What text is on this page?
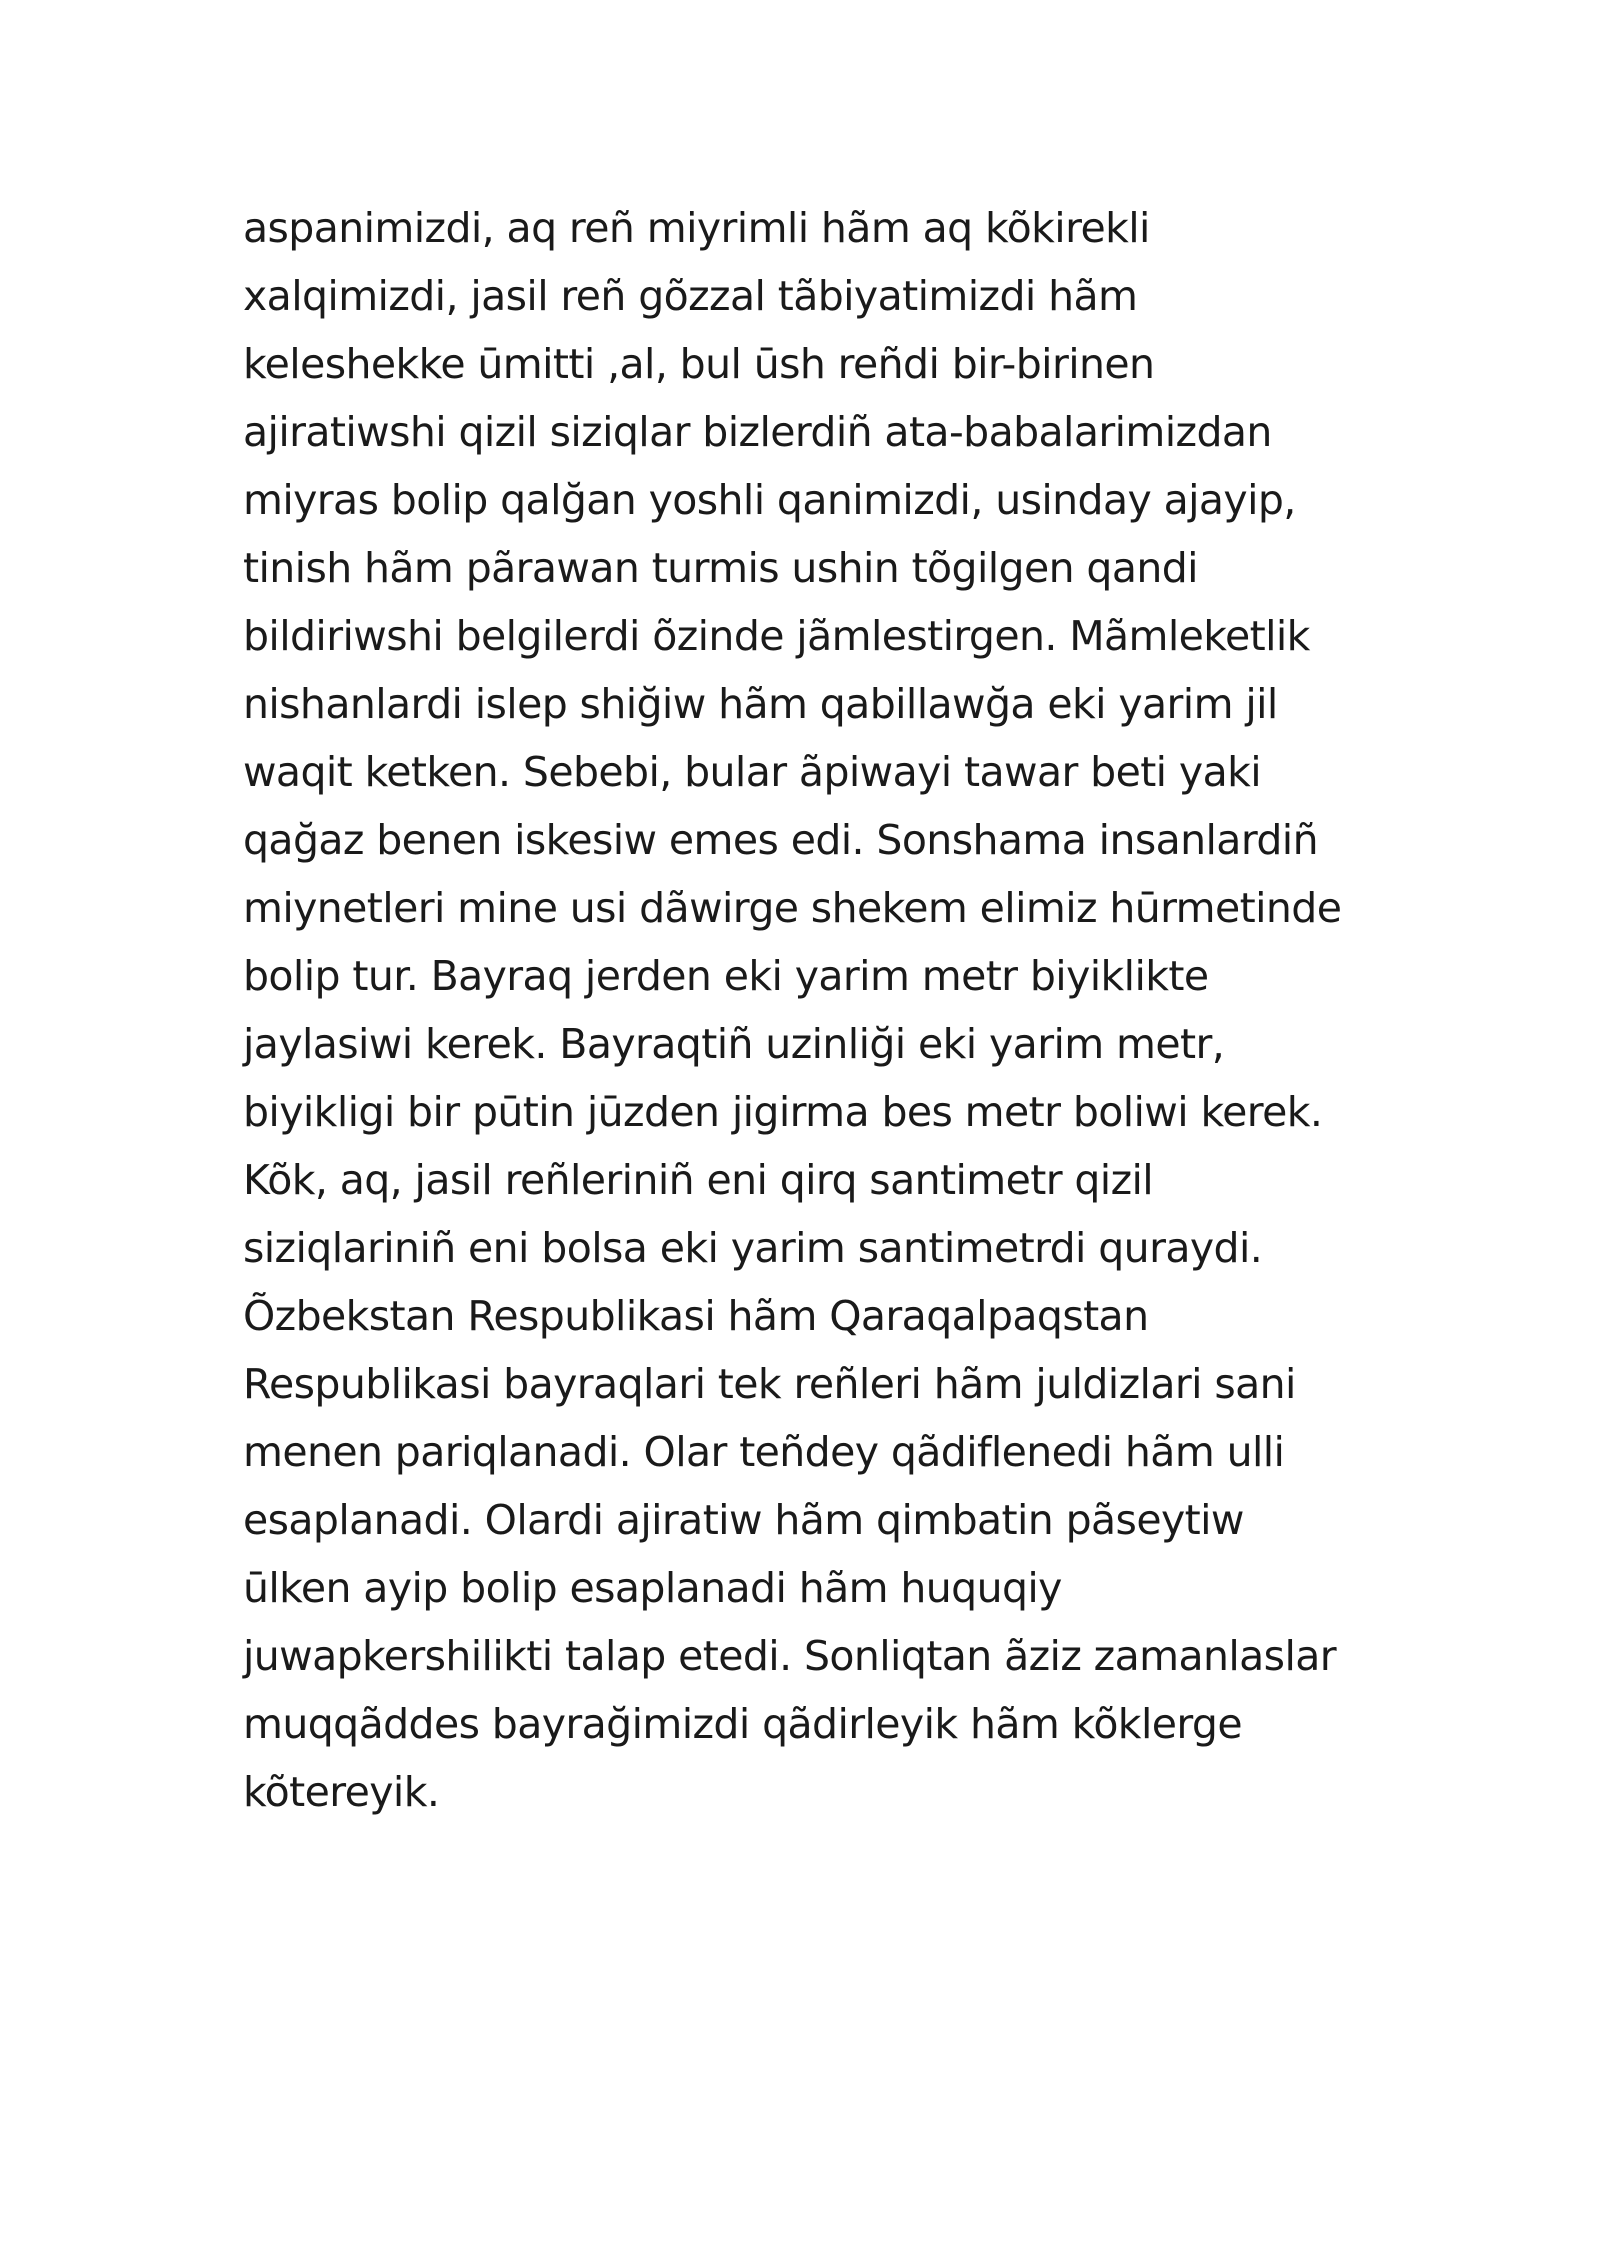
aspanimizdi, aq reñ miyrimli hãm aq kõkirekli

xalqimizdi, jasil reñ gõzzal tãbiyatimizdi hãm

keleshekke ūmitti ,al, bul ūsh reñdi bir-birinen

ajiratiwshi qizil siziqlar bizlerdiñ ata-babalarimizdan

miyras bolip qalğan yoshli qanimizdi, usinday ajayip,

tinish hãm pãrawan turmis ushin tõgilgen qandi

bildiriwshi belgilerdi õzinde jãmlestirgen. Mãmleketlik

nishanlardi islep shiğiw hãm qabillawğa eki yarim jil

waqit ketken. Sebebi, bular ãpiwayi tawar beti yaki

qağaz benen iskesiw emes edi. Sonshama insanlardiñ

miynetleri mine usi dãwirge shekem elimiz hūrmetinde

bolip tur. Bayraq jerden eki yarim metr biyiklikte

jaylasiwi kerek. Bayraqtiñ uzinliği eki yarim metr,

biyikligi bir pūtin jūzden jigirma bes metr boliwi kerek.

Kõk, aq, jasil reñleriniñ eni qirq santimetr qizil

siziqlariniñ eni bolsa eki yarim santimetrdi quraydi.

Õzbekstan Respublikasi hãm Qaraqalpaqstan

Respublikasi bayraqlari tek reñleri hãm juldizlari sani

menen pariqlanadi. Olar teñdey qãdiflenedi hãm ulli

esaplanadi. Olardi ajiratiw hãm qimbatin pãseytiw

ūlken ayip bolip esaplanadi hãm huquqiy

juwapkershilikti talap etedi. Sonliqtan ãziz zamanlaslar

muqqãddes bayrağimizdi qãdirleyik hãm kõklerge

kõtereyik.
